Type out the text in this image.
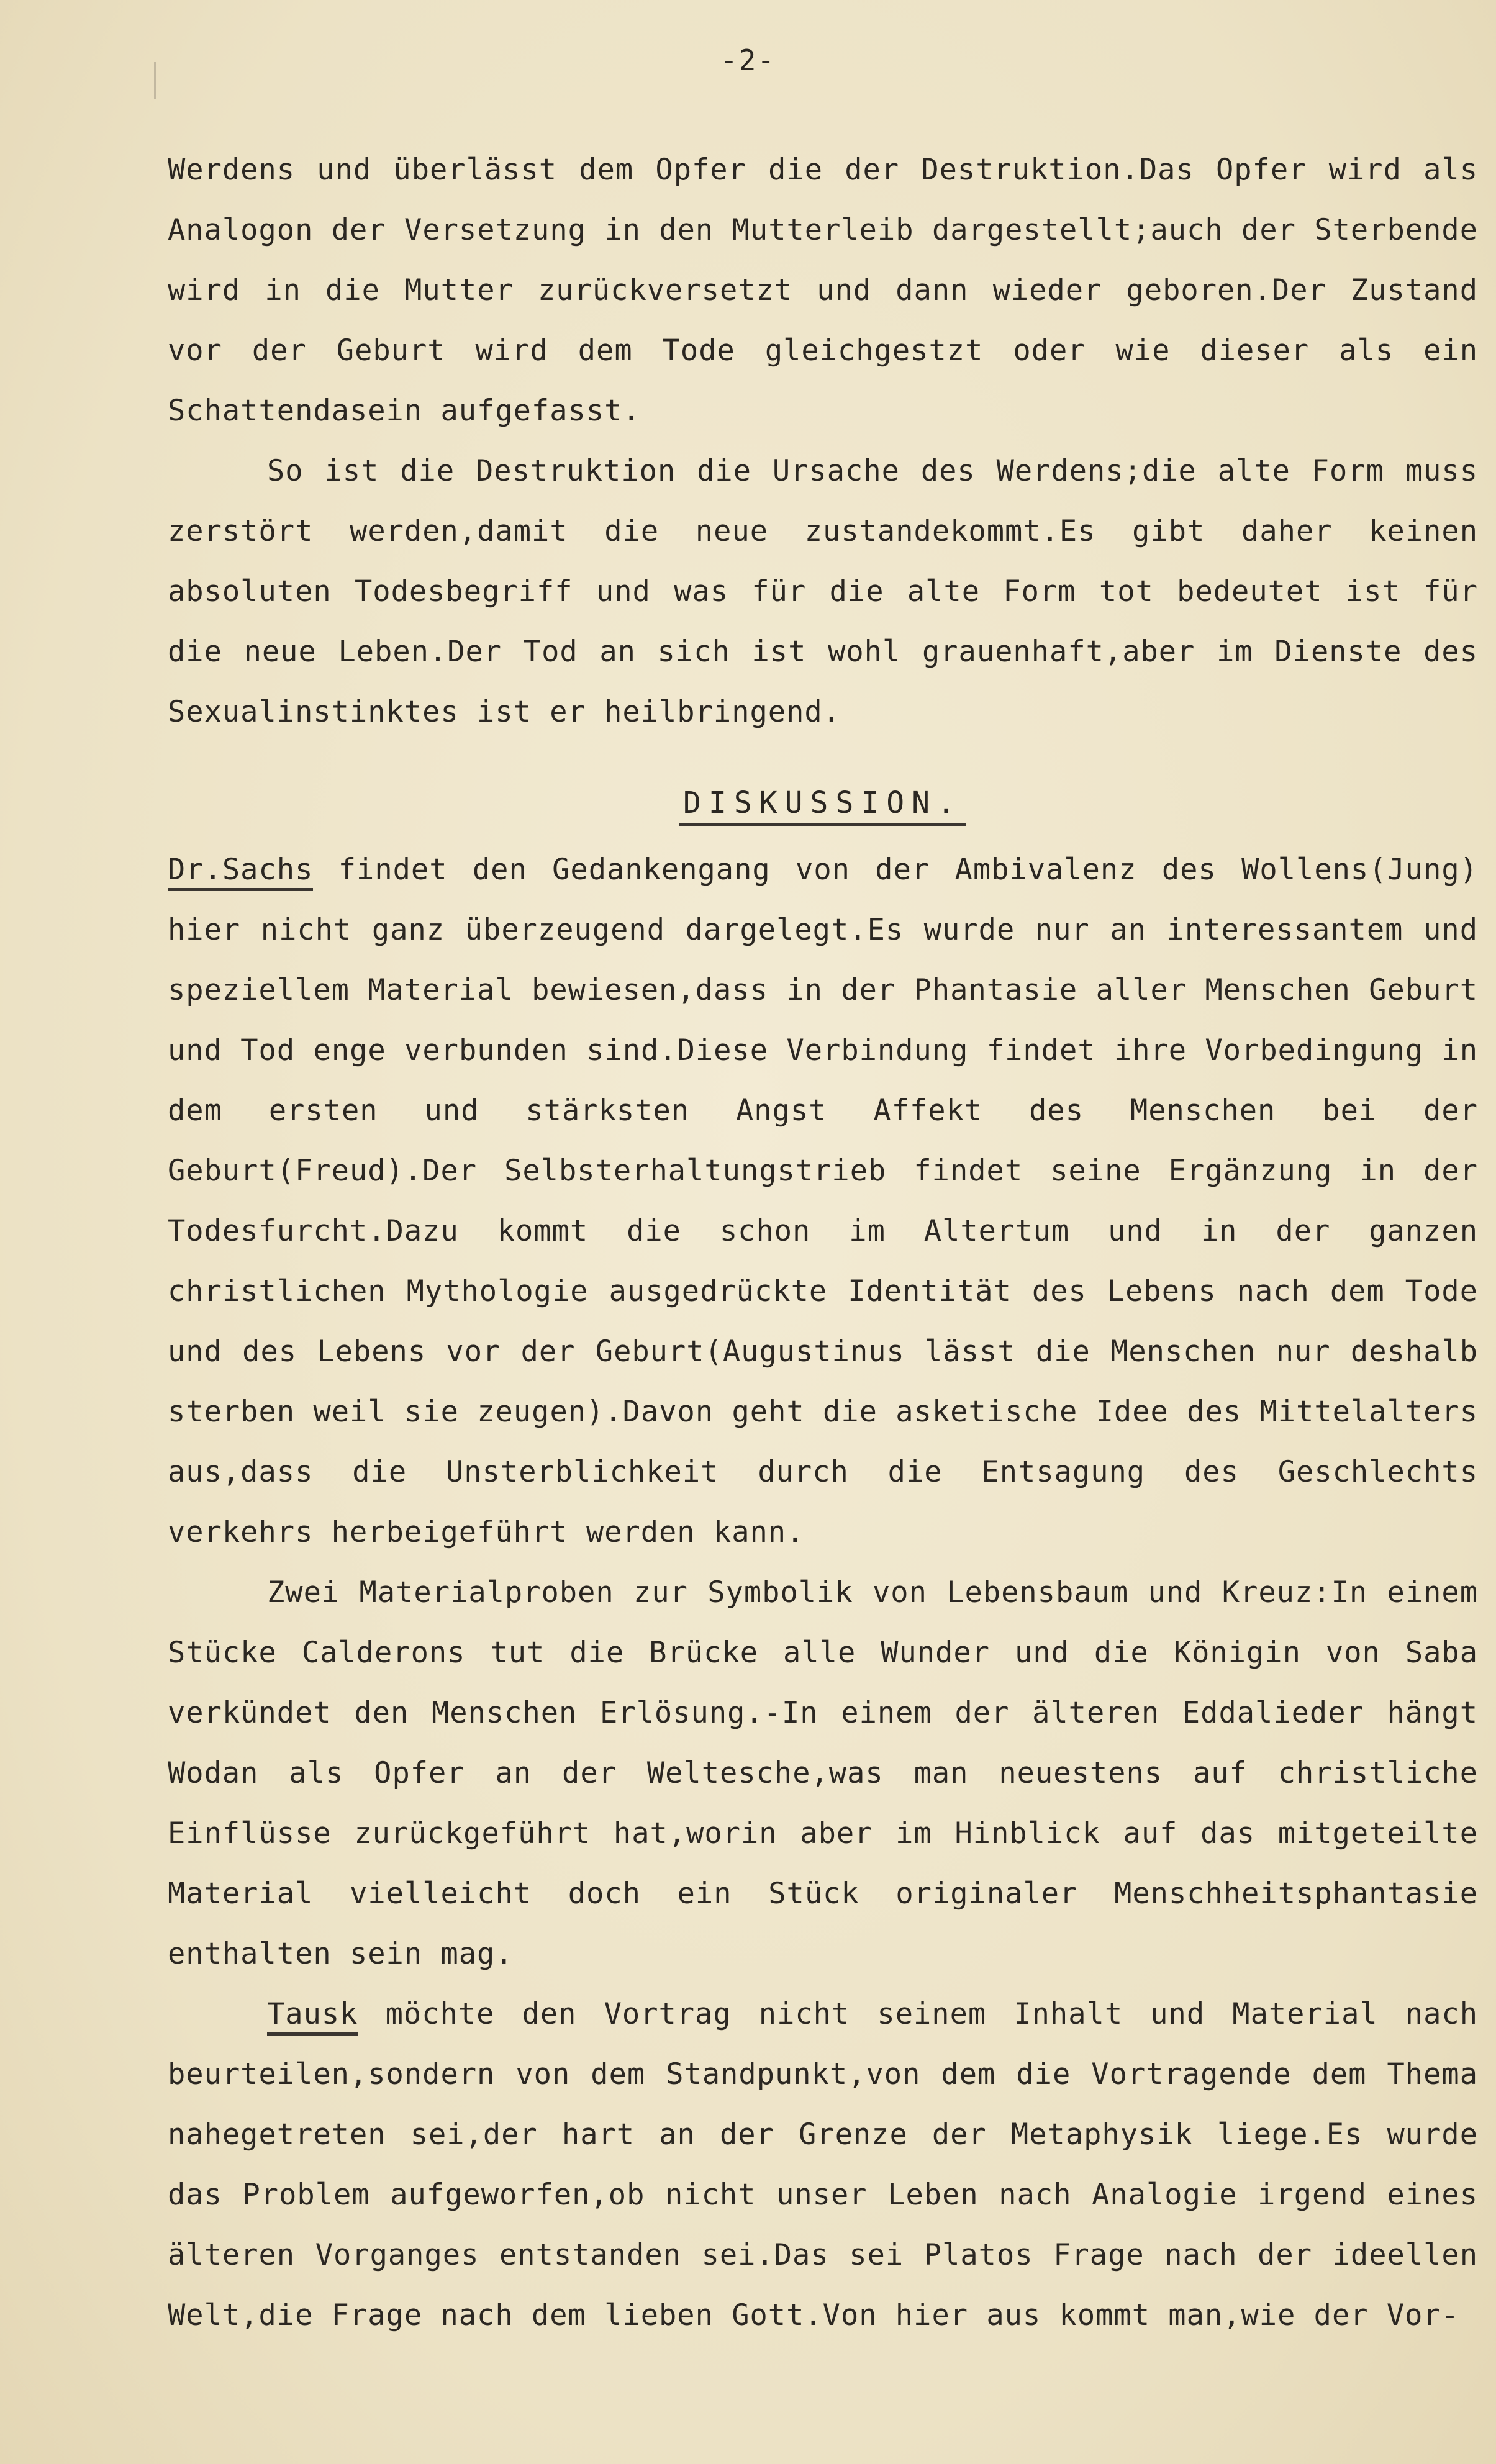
-2-

Werdens und überlässt dem Opfer die der Destruktion.Das Opfer wird als Analogon der Versetzung in den Mutterleib dargestellt;auch der Sterbende wird in die Mutter zurückversetzt und dann wieder geboren.Der Zustand vor der Geburt wird dem Tode gleichgestzt oder wie dieser als ein Schattendasein aufgefasst.

So ist die Destruktion die Ursache des Werdens;die alte Form muss zerstört werden,damit die neue zustandekommt.Es gibt daher keinen absoluten Todesbegriff und was für die alte Form tot bedeutet ist für die neue Leben.Der Tod an sich ist wohl grauenhaft,aber im Dienste des Sexualinstinktes ist er heilbringend.

DISKUSSION.

Dr.Sachs findet den Gedankengang von der Ambivalenz des Wollens(Jung) hier nicht ganz überzeugend dargelegt.Es wurde nur an interessantem und speziellem Material bewiesen,dass in der Phantasie aller Menschen Geburt und Tod enge verbunden sind.Diese Verbindung findet ihre Vorbedingung in dem ersten und stärksten Angst Affekt des Menschen bei der Geburt(Freud).Der Selbsterhaltungstrieb findet seine Ergänzung in der Todesfurcht.Dazu kommt die schon im Altertum und in der ganzen christlichen Mythologie ausgedrückte Identität des Lebens nach dem Tode und des Lebens vor der Geburt(Augustinus lässt die Menschen nur deshalb sterben weil sie zeugen).Davon geht die asketische Idee des Mittelalters aus,dass die Unsterblichkeit durch die Entsagung des Geschlechts verkehrs herbeigeführt werden kann.

Zwei Materialproben zur Symbolik von Lebensbaum und Kreuz:In einem Stücke Calderons tut die Brücke alle Wunder und die Königin von Saba verkündet den Menschen Erlösung.-In einem der älteren Eddalieder hängt Wodan als Opfer an der Weltesche,was man neuestens auf christliche Einflüsse zurückgeführt hat,worin aber im Hinblick auf das mitgeteilte Material vielleicht doch ein Stück originaler Menschheitsphantasie enthalten sein mag.

Tausk möchte den Vortrag nicht seinem Inhalt und Material nach beurteilen,sondern von dem Standpunkt,von dem die Vortragende dem Thema nahegetreten sei,der hart an der Grenze der Metaphysik liege.Es wurde das Problem aufgeworfen,ob nicht unser Leben nach Analogie irgend eines älteren Vorganges entstanden sei.Das sei Platos Frage nach der ideellen Welt,die Frage nach dem lieben Gott.Von hier aus kommt man,wie der Vor-
